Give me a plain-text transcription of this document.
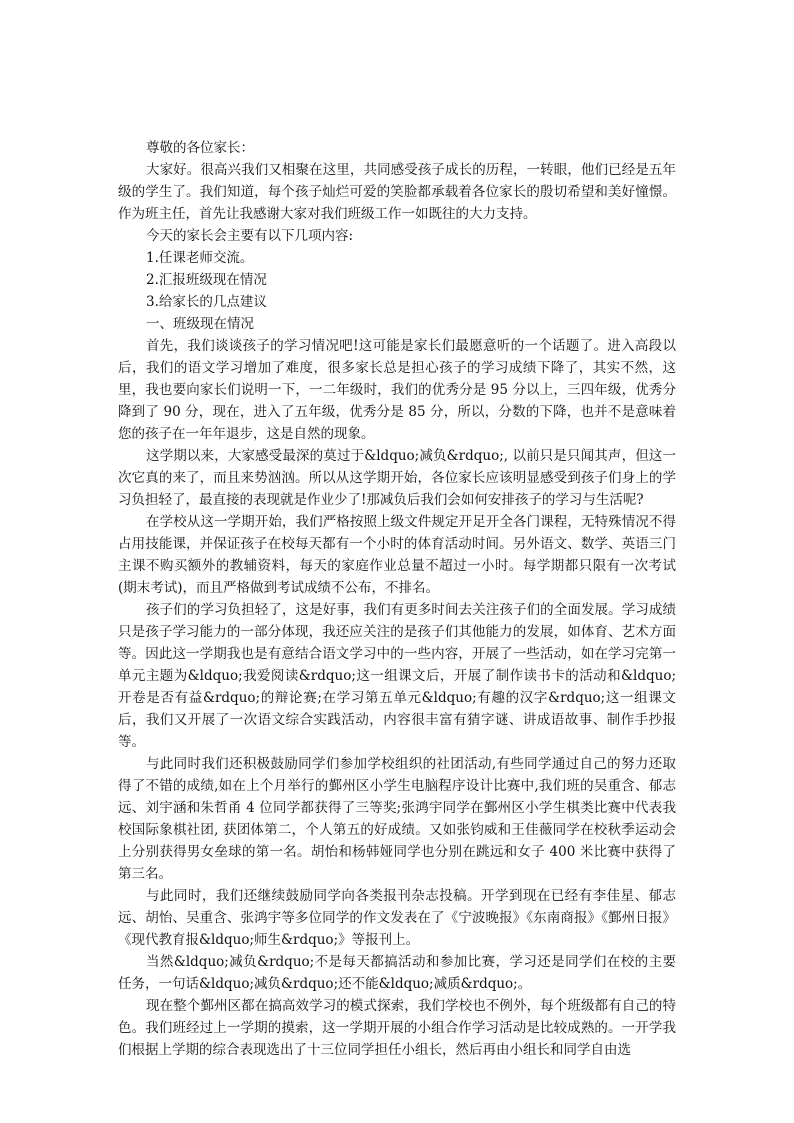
尊敬的各位家长：

大家好。很高兴我们又相聚在这里，共同感受孩子成长的历程，一转眼，他们已经是五年级的学生了。我们知道，每个孩子灿烂可爱的笑脸都承载着各位家长的殷切希望和美好憧憬。作为班主任，首先让我感谢大家对我们班级工作一如既往的大力支持。

今天的家长会主要有以下几项内容:

1.任课老师交流。

2.汇报班级现在情况

3.给家长的几点建议

一、班级现在情况

首先，我们谈谈孩子的学习情况吧!这可能是家长们最愿意听的一个话题了。进入高段以后，我们的语文学习增加了难度，很多家长总是担心孩子的学习成绩下降了，其实不然，这里，我也要向家长们说明一下，一二年级时，我们的优秀分是 95 分以上，三四年级，优秀分降到了 90 分，现在，进入了五年级，优秀分是 85 分，所以，分数的下降，也并不是意味着您的孩子在一年年退步，这是自然的现象。

这学期以来，大家感受最深的莫过于&ldquo;减负&rdquo;, 以前只是只闻其声，但这一次它真的来了，而且来势汹汹。所以从这学期开始，各位家长应该明显感受到孩子们身上的学习负担轻了，最直接的表现就是作业少了!那减负后我们会如何安排孩子的学习与生活呢?

在学校从这一学期开始，我们严格按照上级文件规定开足开全各门课程，无特殊情况不得占用技能课，并保证孩子在校每天都有一个小时的体育活动时间。另外语文、数学、英语三门主课不购买额外的教辅资料，每天的家庭作业总量不超过一小时。每学期都只限有一次考试(期末考试)，而且严格做到考试成绩不公布，不排名。

孩子们的学习负担轻了，这是好事，我们有更多时间去关注孩子们的全面发展。学习成绩只是孩子学习能力的一部分体现，我还应关注的是孩子们其他能力的发展，如体育、艺术方面等。因此这一学期我也是有意结合语文学习中的一些内容，开展了一些活动，如在学习完第一单元主题为&ldquo;我爱阅读&rdquo;这一组课文后，开展了制作读书卡的活动和&ldquo;开卷是否有益&rdquo;的辩论赛;在学习第五单元&ldquo;有趣的汉字&rdquo;这一组课文后，我们又开展了一次语文综合实践活动，内容很丰富有猜字谜、讲成语故事、制作手抄报等。

与此同时我们还积极鼓励同学们参加学校组织的社团活动,有些同学通过自己的努力还取得了不错的成绩,如在上个月举行的鄞州区小学生电脑程序设计比赛中,我们班的吴重含、郁志远、刘宇涵和朱哲甬 4 位同学都获得了三等奖;张鸿宇同学在鄞州区小学生棋类比赛中代表我校国际象棋社团, 获团体第二，个人第五的好成绩。又如张钧威和王佳薇同学在校秋季运动会上分别获得男女垒球的第一名。胡怡和杨韩娅同学也分别在跳远和女子 400 米比赛中获得了第三名。

与此同时，我们还继续鼓励同学向各类报刊杂志投稿。开学到现在已经有李佳星、郁志远、胡怡、吴重含、张鸿宇等多位同学的作文发表在了《宁波晚报》《东南商报》《鄞州日报》《现代教育报&ldquo;师生&rdquo;》等报刊上。

当然&ldquo;减负&rdquo;不是每天都搞活动和参加比赛，学习还是同学们在校的主要任务，一句话&ldquo;减负&rdquo;还不能&ldquo;减质&rdquo;。

现在整个鄞州区都在搞高效学习的模式探索，我们学校也不例外，每个班级都有自己的特色。我们班经过上一学期的摸索，这一学期开展的小组合作学习活动是比较成熟的。一开学我们根据上学期的综合表现选出了十三位同学担任小组长，然后再由小组长和同学自由选
